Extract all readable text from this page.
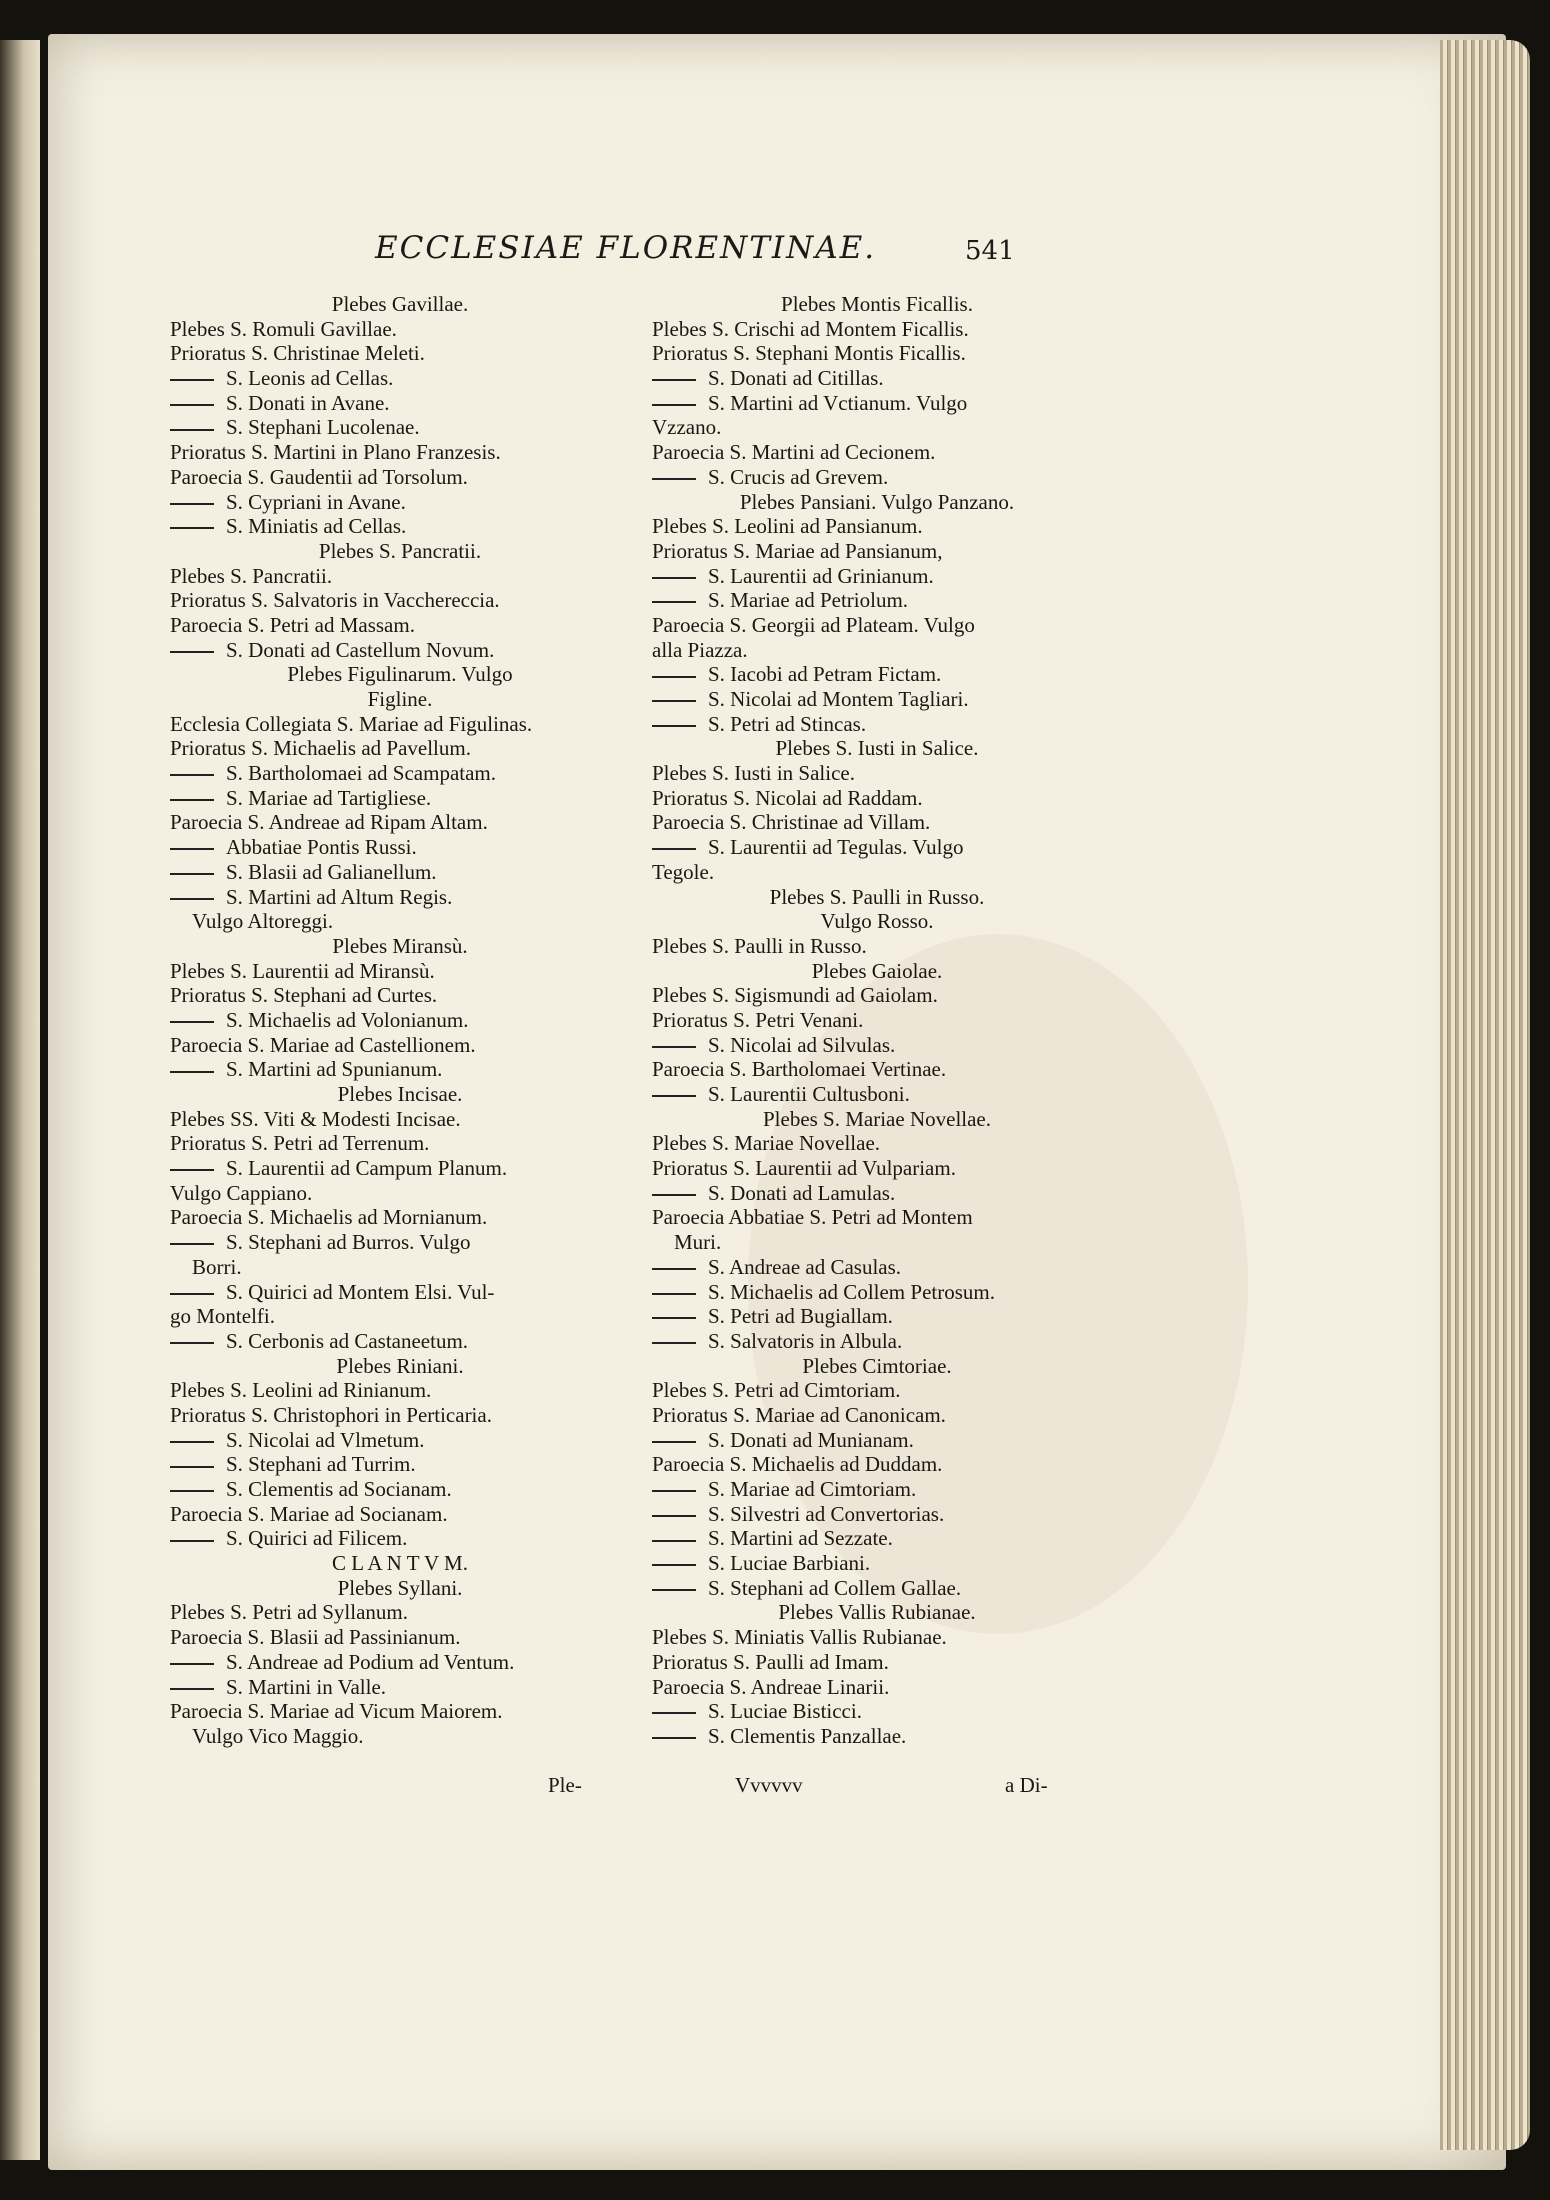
ECCLESIAE FLORENTINAE.	541
Plebes Gavillae.
Plebes S. Romuli Gavillae.
Prioratus S. Christinae Meleti.
S. Leonis ad Cellas.
S. Donati in Avane.
S. Stephani Lucolenae.
Prioratus S. Martini in Plano Franzesis.
Paroecia S. Gaudentii ad Torsolum.
S. Cypriani in Avane.
S. Miniatis ad Cellas.
Plebes S. Pancratii.
Plebes S. Pancratii.
Prioratus S. Salvatoris in Vacchereccia.
Paroecia S. Petri ad Massam.
S. Donati ad Castellum Novum.
Plebes Figulinarum. Vulgo
Figline.
Ecclesia Collegiata S. Mariae ad Figulinas.
Prioratus S. Michaelis ad Pavellum.
S. Bartholomaei ad Scampatam.
S. Mariae ad Tartigliese.
Paroecia S. Andreae ad Ripam Altam.
Abbatiae Pontis Russi.
S. Blasii ad Galianellum.
S. Martini ad Altum Regis.
Vulgo Altoreggi.
Plebes Miransù.
Plebes S. Laurentii ad Miransù.
Prioratus S. Stephani ad Curtes.
S. Michaelis ad Volonianum.
Paroecia S. Mariae ad Castellionem.
S. Martini ad Spunianum.
Plebes Incisae.
Plebes SS. Viti & Modesti Incisae.
Prioratus S. Petri ad Terrenum.
S. Laurentii ad Campum Planum.
Vulgo Cappiano.
Paroecia S. Michaelis ad Mornianum.
S. Stephani ad Burros. Vulgo
Borri.
S. Quirici ad Montem Elsi. Vul-
go Montelfi.
S. Cerbonis ad Castaneetum.
Plebes Riniani.
Plebes S. Leolini ad Rinianum.
Prioratus S. Christophori in Perticaria.
S. Nicolai ad Vlmetum.
S. Stephani ad Turrim.
S. Clementis ad Socianam.
Paroecia S. Mariae ad Socianam.
S. Quirici ad Filicem.
C L A N T V M.
Plebes Syllani.
Plebes S. Petri ad Syllanum.
Paroecia S. Blasii ad Passinianum.
S. Andreae ad Podium ad Ventum.
S. Martini in Valle.
Paroecia S. Mariae ad Vicum Maiorem.
Vulgo Vico Maggio.
Plebes Montis Ficallis.
Plebes S. Crischi ad Montem Ficallis.
Prioratus S. Stephani Montis Ficallis.
S. Donati ad Citillas.
S. Martini ad Vctianum. Vulgo
Vzzano.
Paroecia S. Martini ad Cecionem.
S. Crucis ad Grevem.
Plebes Pansiani. Vulgo Panzano.
Plebes S. Leolini ad Pansianum.
Prioratus S. Mariae ad Pansianum,
S. Laurentii ad Grinianum.
S. Mariae ad Petriolum.
Paroecia S. Georgii ad Plateam. Vulgo
alla Piazza.
S. Iacobi ad Petram Fictam.
S. Nicolai ad Montem Tagliari.
S. Petri ad Stincas.
Plebes S. Iusti in Salice.
Plebes S. Iusti in Salice.
Prioratus S. Nicolai ad Raddam.
Paroecia S. Christinae ad Villam.
S. Laurentii ad Tegulas. Vulgo
Tegole.
Plebes S. Paulli in Russo.
Vulgo Rosso.
Plebes S. Paulli in Russo.
Plebes Gaiolae.
Plebes S. Sigismundi ad Gaiolam.
Prioratus S. Petri Venani.
S. Nicolai ad Silvulas.
Paroecia S. Bartholomaei Vertinae.
S. Laurentii Cultusboni.
Plebes S. Mariae Novellae.
Plebes S. Mariae Novellae.
Prioratus S. Laurentii ad Vulpariam.
S. Donati ad Lamulas.
Paroecia Abbatiae S. Petri ad Montem
Muri.
S. Andreae ad Casulas.
S. Michaelis ad Collem Petrosum.
S. Petri ad Bugiallam.
S. Salvatoris in Albula.
Plebes Cimtoriae.
Plebes S. Petri ad Cimtoriam.
Prioratus S. Mariae ad Canonicam.
S. Donati ad Munianam.
Paroecia S. Michaelis ad Duddam.
S. Mariae ad Cimtoriam.
S. Silvestri ad Convertorias.
S. Martini ad Sezzate.
S. Luciae Barbiani.
S. Stephani ad Collem Gallae.
Plebes Vallis Rubianae.
Plebes S. Miniatis Vallis Rubianae.
Prioratus S. Paulli ad Imam.
Paroecia S. Andreae Linarii.
S. Luciae Bisticci.
S. Clementis Panzallae.
Ple-	Vvvvvv	a Di-
